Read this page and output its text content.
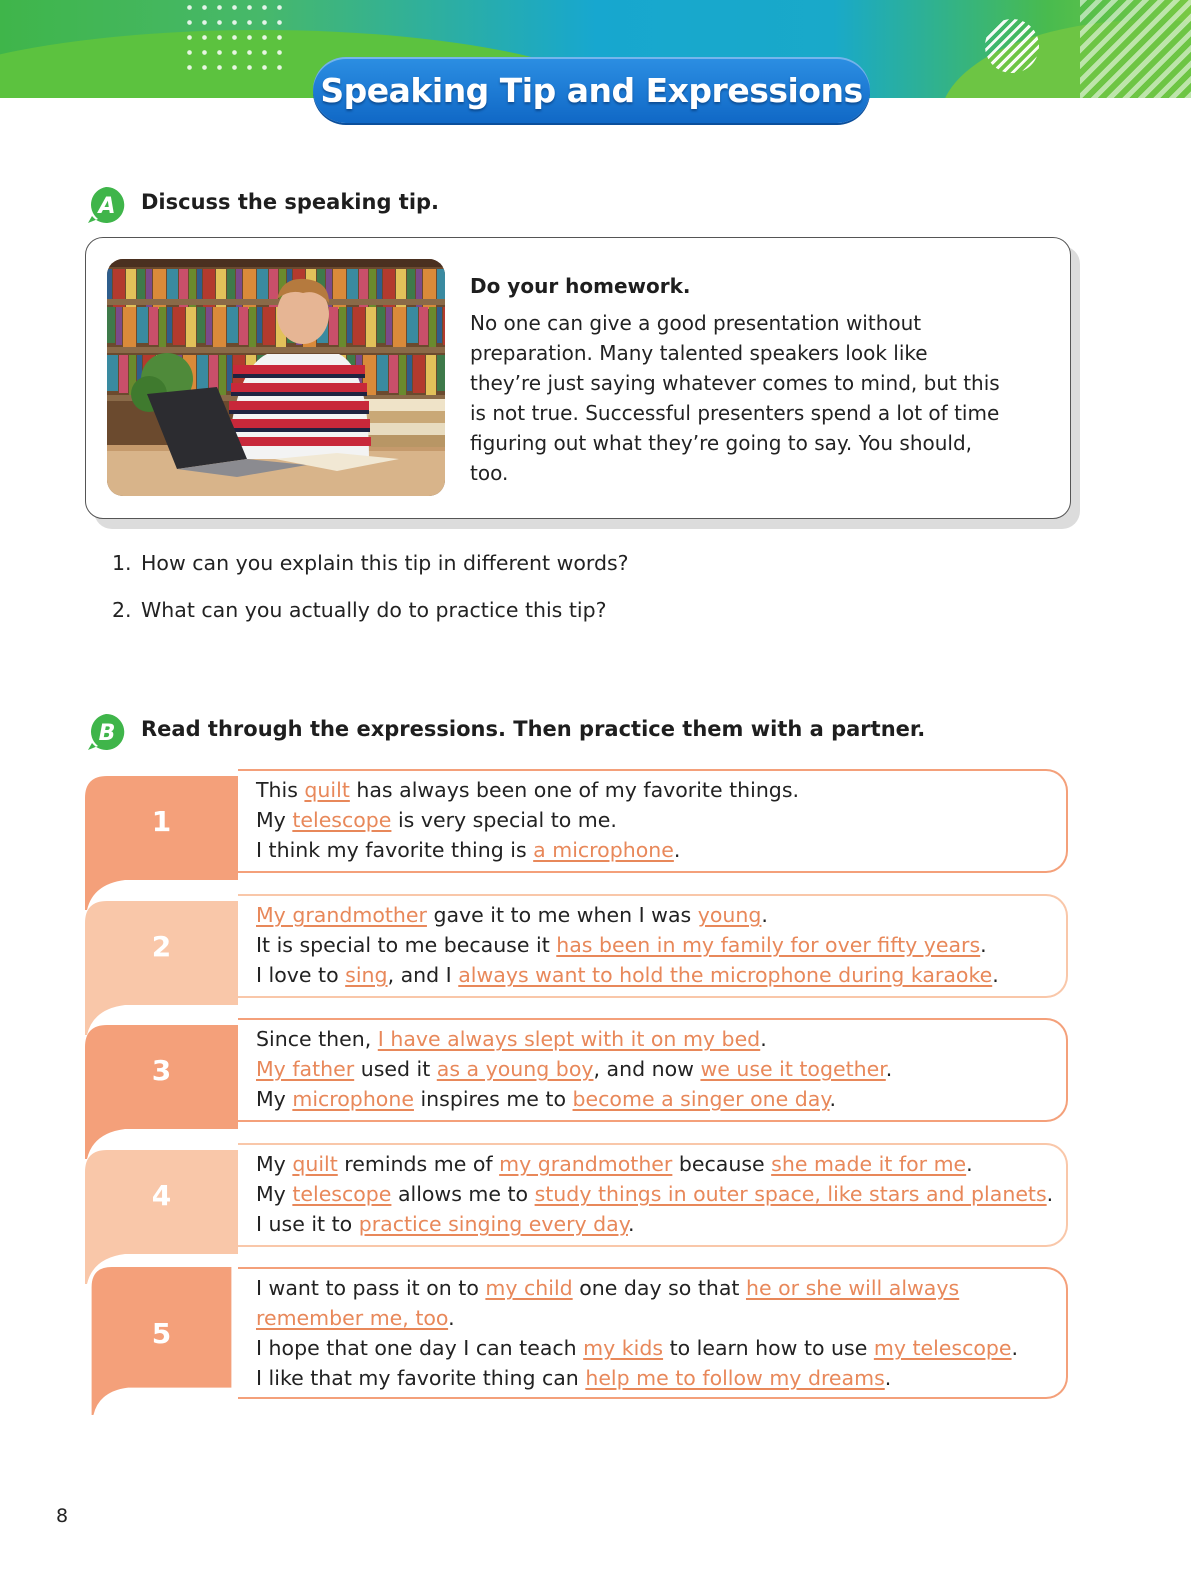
Speaking Tip and Expressions
A Discuss the speaking tip.
Do your homework.
No one can give a good presentation without
preparation. Many talented speakers look like
they’re just saying whatever comes to mind, but this
is not true. Successful presenters spend a lot of time
figuring out what they’re going to say. You should,
too.
1. How can you explain this tip in different words?
2. What can you actually do to practice this tip?
B Read through the expressions. Then practice them with a partner.
1
This quilt has always been one of my favorite things.
My telescope is very special to me.
I think my favorite thing is a microphone.
2
My grandmother gave it to me when I was young.
It is special to me because it has been in my family for over fifty years.
I love to sing, and I always want to hold the microphone during karaoke.
3
Since then, I have always slept with it on my bed.
My father used it as a young boy, and now we use it together.
My microphone inspires me to become a singer one day.
4
My quilt reminds me of my grandmother because she made it for me.
My telescope allows me to study things in outer space, like stars and planets.
I use it to practice singing every day.
5
I want to pass it on to my child one day so that he or she will always
remember me, too.
I hope that one day I can teach my kids to learn how to use my telescope.
I like that my favorite thing can help me to follow my dreams.
8
